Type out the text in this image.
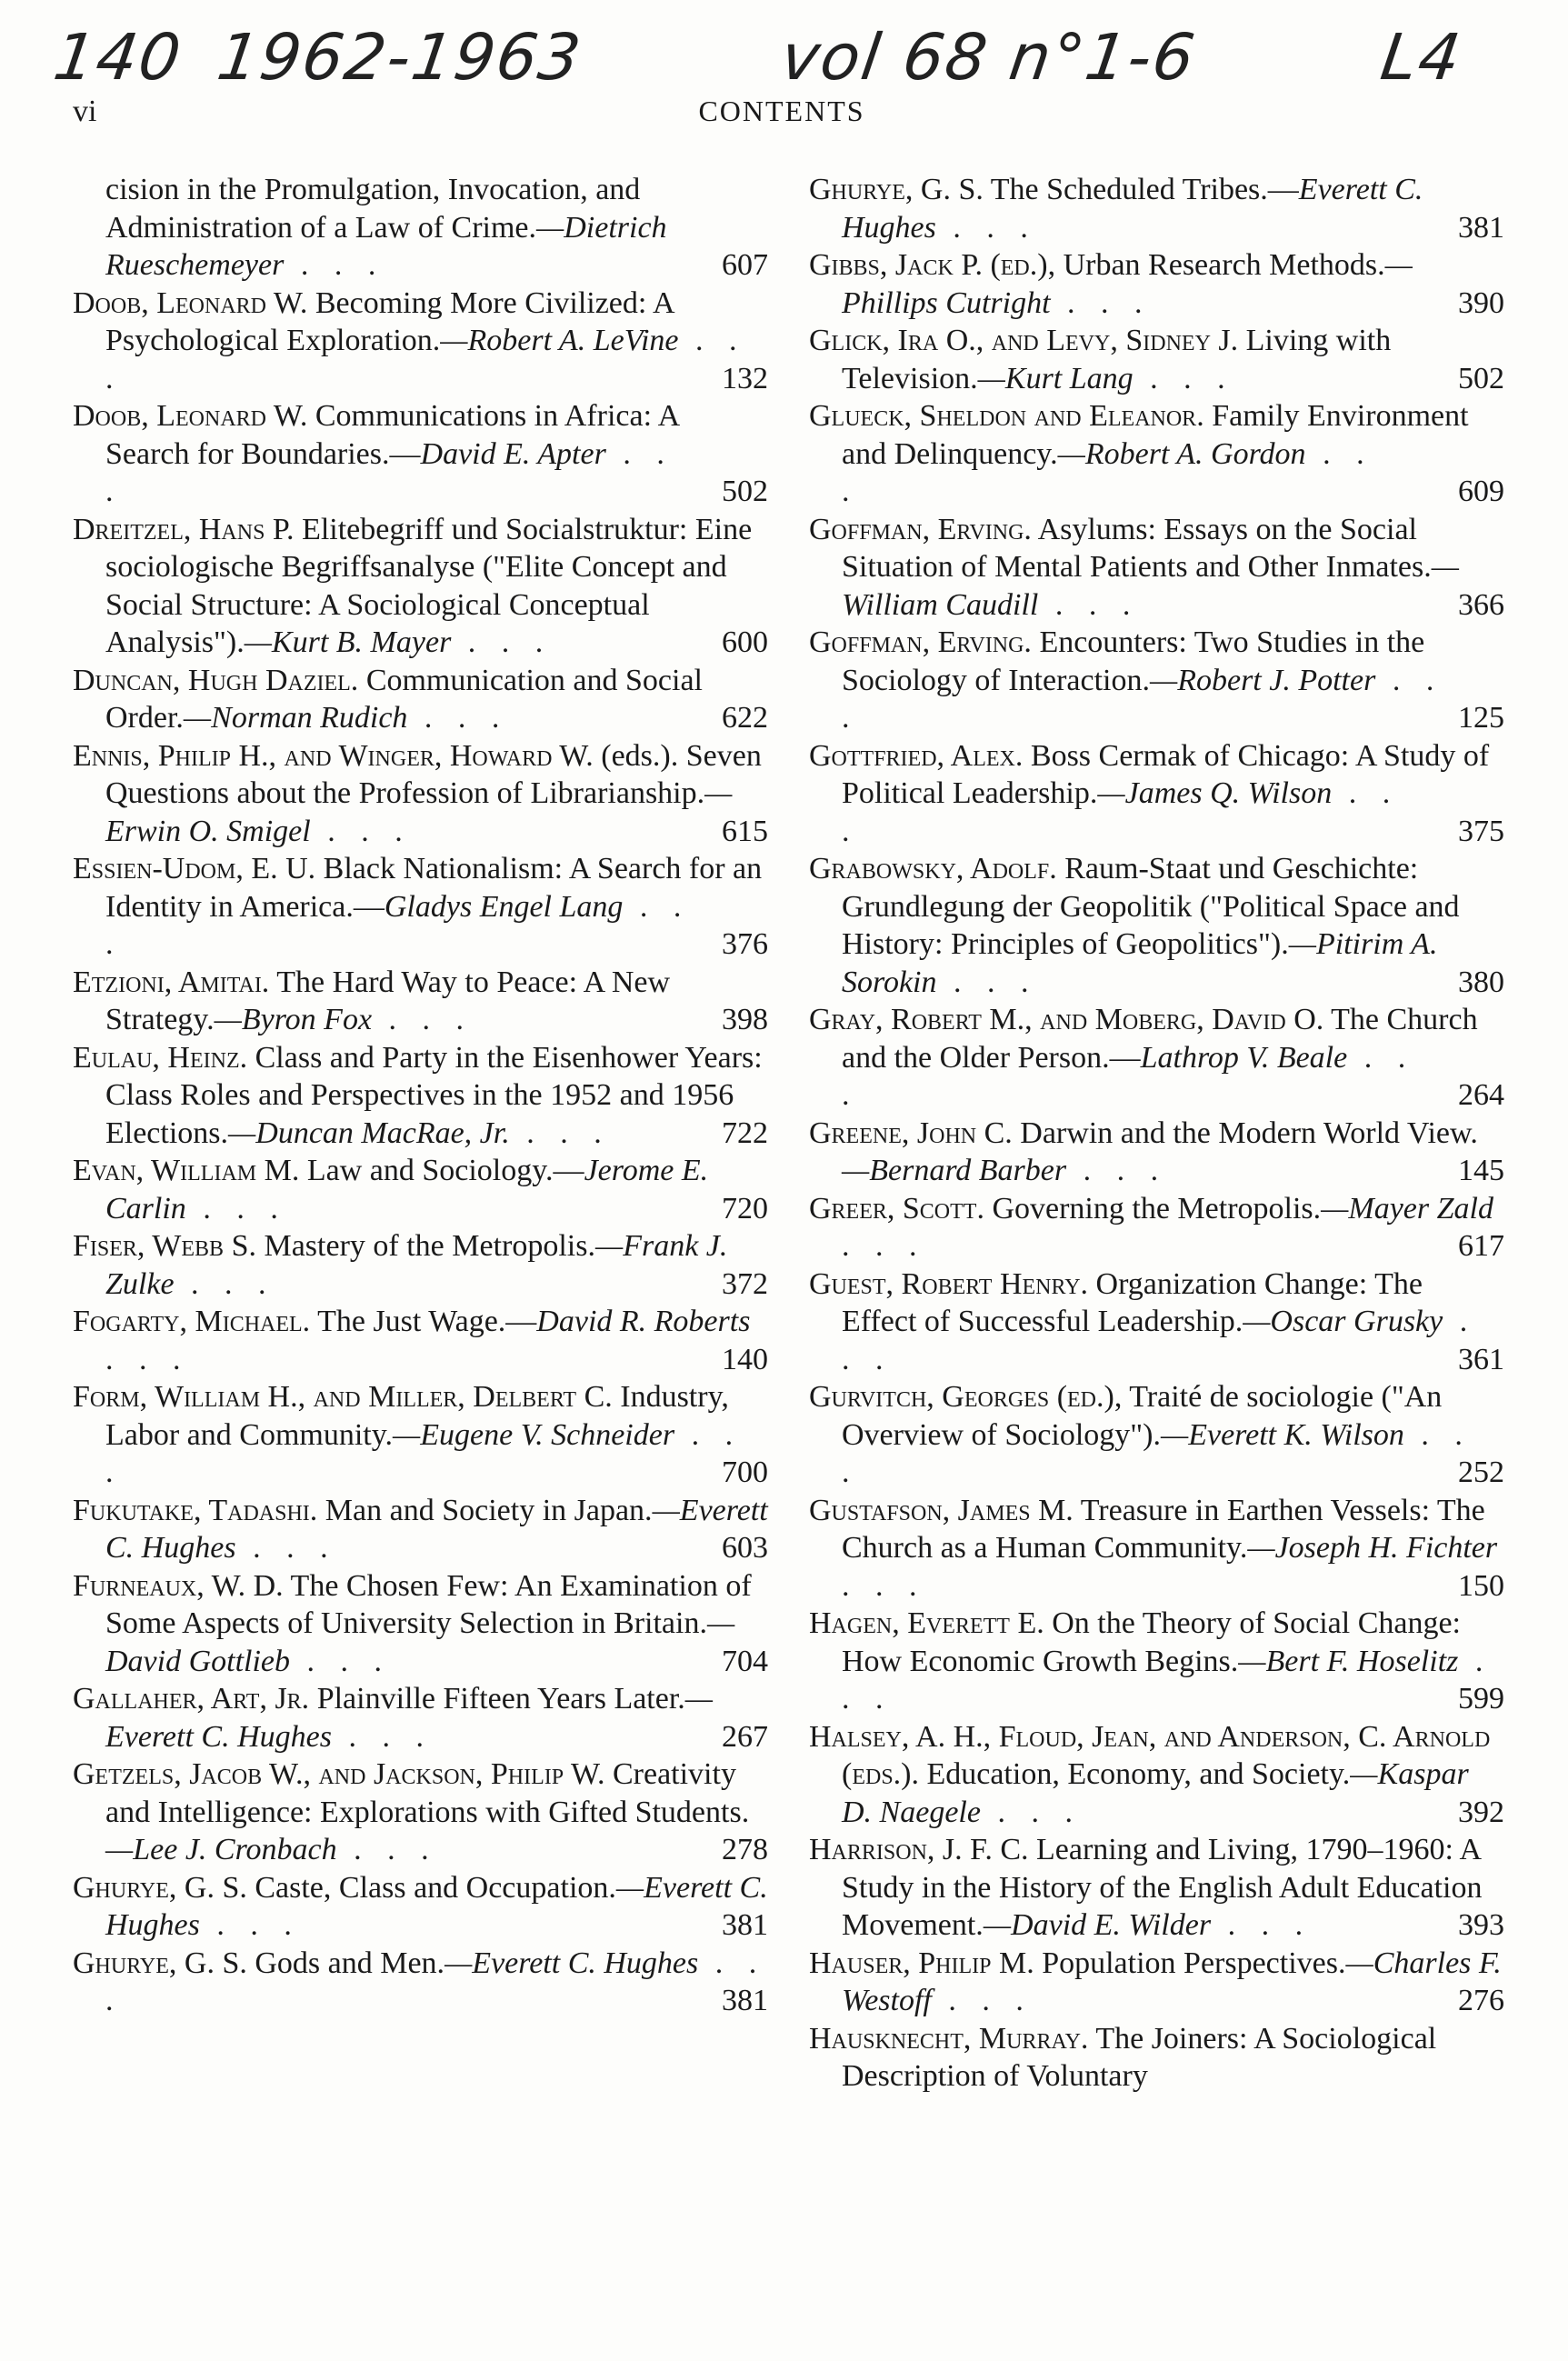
140 1962-1963	vol 68 n°1-6	L4
vi	CONTENTS

cision in the Promulgation, Invocation, and Administration of a Law of Crime.—Dietrich Rueschemeyer . . .	607

Doob, Leonard W. Becoming More Civilized: A Psychological Exploration.—Robert A. LeVine . . .	132

Doob, Leonard W. Communications in Africa: A Search for Boundaries.—David E. Apter . . .	502

Dreitzel, Hans P. Elitebegriff und Socialstruktur: Eine sociologische Begriffsanalyse ("Elite Concept and Social Structure: A Sociological Conceptual Analysis").—Kurt B. Mayer . . .	600

Duncan, Hugh Daziel. Communication and Social Order.—Norman Rudich . . .	622

Ennis, Philip H., and Winger, Howard W. (eds.). Seven Questions about the Profession of Librarianship.—Erwin O. Smigel . . .	615

Essien-Udom, E. U. Black Nationalism: A Search for an Identity in America.—Gladys Engel Lang . . .	376

Etzioni, Amitai. The Hard Way to Peace: A New Strategy.—Byron Fox . . .	398

Eulau, Heinz. Class and Party in the Eisenhower Years: Class Roles and Perspectives in the 1952 and 1956 Elections.—Duncan MacRae, Jr. . . .	722

Evan, William M. Law and Sociology.—Jerome E. Carlin . . .	720

Fiser, Webb S. Mastery of the Metropolis.—Frank J. Zulke . . .	372

Fogarty, Michael. The Just Wage.—David R. Roberts . . .	140

Form, William H., and Miller, Delbert C. Industry, Labor and Community.—Eugene V. Schneider . . .	700

Fukutake, Tadashi. Man and Society in Japan.—Everett C. Hughes . . .	603

Furneaux, W. D. The Chosen Few: An Examination of Some Aspects of University Selection in Britain.—David Gottlieb . . .	704

Gallaher, Art, Jr. Plainville Fifteen Years Later.—Everett C. Hughes . . .	267

Getzels, Jacob W., and Jackson, Philip W. Creativity and Intelligence: Explorations with Gifted Students.—Lee J. Cronbach . . .	278

Ghurye, G. S. Caste, Class and Occupation.—Everett C. Hughes . . .	381

Ghurye, G. S. Gods and Men.—Everett C. Hughes . . .	381

Ghurye, G. S. The Scheduled Tribes.—Everett C. Hughes . . .	381

Gibbs, Jack P. (ed.), Urban Research Methods.—Phillips Cutright . . .	390

Glick, Ira O., and Levy, Sidney J. Living with Television.—Kurt Lang . . .	502

Glueck, Sheldon and Eleanor. Family Environment and Delinquency.—Robert A. Gordon . . .	609

Goffman, Erving. Asylums: Essays on the Social Situation of Mental Patients and Other Inmates.—William Caudill . . .	366

Goffman, Erving. Encounters: Two Studies in the Sociology of Interaction.—Robert J. Potter . . .	125

Gottfried, Alex. Boss Cermak of Chicago: A Study of Political Leadership.—James Q. Wilson . . .	375

Grabowsky, Adolf. Raum-Staat und Geschichte: Grundlegung der Geopolitik ("Political Space and History: Principles of Geopolitics").—Pitirim A. Sorokin . . .	380

Gray, Robert M., and Moberg, David O. The Church and the Older Person.—Lathrop V. Beale . . .	264

Greene, John C. Darwin and the Modern World View.—Bernard Barber . . .	145

Greer, Scott. Governing the Metropolis.—Mayer Zald . . .	617

Guest, Robert Henry. Organization Change: The Effect of Successful Leadership.—Oscar Grusky . . .	361

Gurvitch, Georges (ed.), Traité de sociologie ("An Overview of Sociology").—Everett K. Wilson . . .	252

Gustafson, James M. Treasure in Earthen Vessels: The Church as a Human Community.—Joseph H. Fichter . . .	150

Hagen, Everett E. On the Theory of Social Change: How Economic Growth Begins.—Bert F. Hoselitz . . .	599

Halsey, A. H., Floud, Jean, and Anderson, C. Arnold (eds.). Education, Economy, and Society.—Kaspar D. Naegele . . .	392

Harrison, J. F. C. Learning and Living, 1790–1960: A Study in the History of the English Adult Education Movement.—David E. Wilder . . .	393

Hauser, Philip M. Population Perspectives.—Charles F. Westoff . . .	276

Hausknecht, Murray. The Joiners: A Sociological Description of Voluntary
